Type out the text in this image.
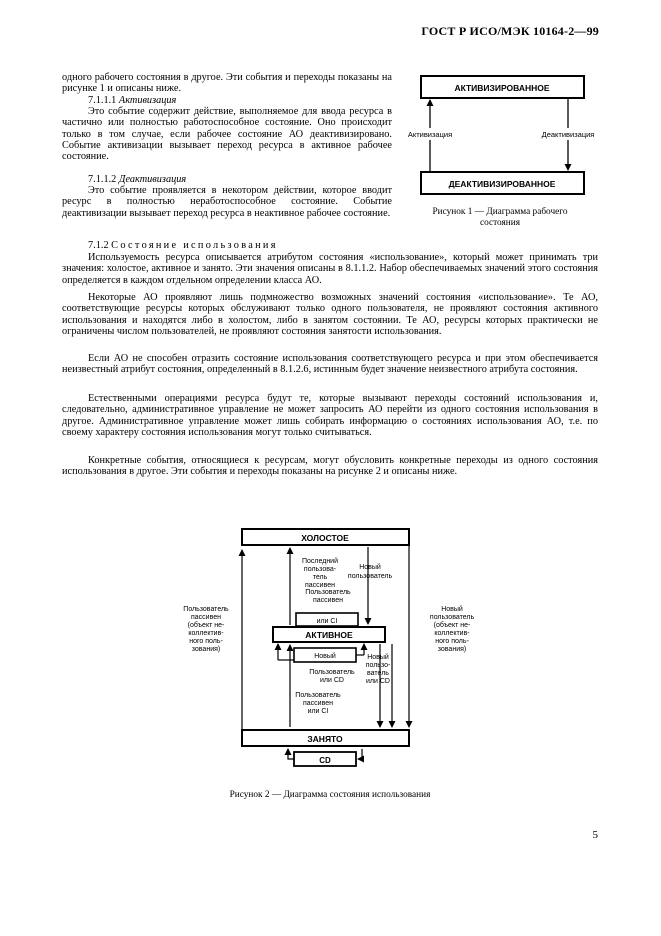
ГОСТ Р ИСО/МЭК 10164-2—99
одного рабочего состояния в другое. Эти события и переходы показаны на рисунке 1 и описаны ниже.
7.1.1.1 Активизация
Это событие содержит действие, выполняемое для ввода ресурса в частично или полностью работоспособное состояние. Оно происходит только в том случае, если рабочее состояние АО деактивизировано. Событие активизации вызывает переход ресурса в активное рабочее состояние.
7.1.1.2 Деактивизация
Это событие проявляется в некотором действии, которое вводит ресурс в полностью неработоспособное состояние. Событие деактивизации вызывает переход ресурса в неактивное рабочее состояние.
7.1.2 Состояние использования
Используемость ресурса описывается атрибутом состояния «использование», который может принимать три значения: холостое, активное и занято. Эти значения описаны в 8.1.1.2. Набор обеспечиваемых значений этого состояния определяется в каждом отдельном определении класса АО.
Некоторые АО проявляют лишь подмножество возможных значений состояния «использование». Те АО, соответствующие ресурсы которых обслуживают только одного пользователя, не проявляют состояния активного использования и находятся либо в холостом, либо в занятом состоянии. Те АО, ресурсы которых практически не ограничены числом пользователей, не проявляют состояния занятости использования.
Если АО не способен отразить состояние использования соответствующего ресурса и при этом обеспечивается неизвестный атрибут состояния, определенный в 8.1.2.6, истинным будет значение неизвестного атрибута состояния.
Естественными операциями ресурса будут те, которые вызывают переходы состояний использования и, следовательно, административное управление не может запросить АО перейти из одного состояния использования в другое. Административное управление может лишь собирать информацию о состояниях использования АО, т.е. по своему характеру состояния использования могут только считываться.
Конкретные события, относящиеся к ресурсам, могут обусловить конкретные переходы из одного состояния использования в другое. Эти события и переходы показаны на рисунке 2 и описаны ниже.
АКТИВИЗИРОВАННОЕ
ДЕАКТИВИЗИРОВАННОЕ
Активизация	Деактивизация
Рисунок 1 — Диаграмма рабочего
состояния
ХОЛОСТОЕ
ЗАНЯТО
CD
АКТИВНОЕ
или CI
Новый
Последний
пользова-
тель
пассивен
Новый
пользователь
Пользователь
пассивен
Пользователь
или CD
Новый
пользо-
ватель
или CD
Пользователь
пассивен
или CI
Пользователь
пассивен
(объект не-
коллектив-
ного поль-
зования)
Новый
пользователь
(объект не-
коллектив-
ного поль-
зования)
Рисунок 2 — Диаграмма состояния использования
5
